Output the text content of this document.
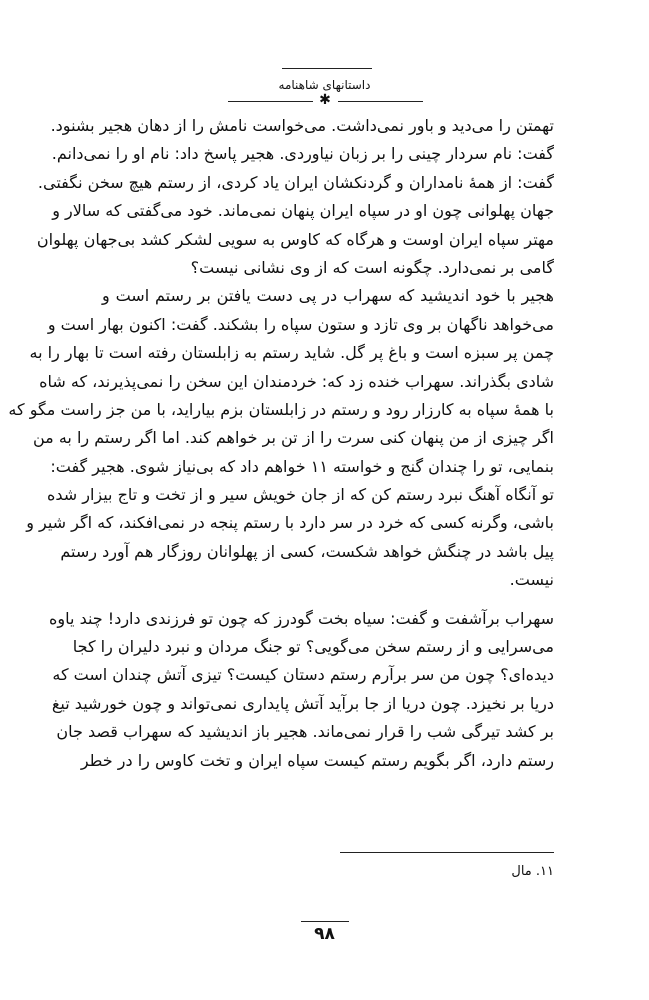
داستانهای شاهنامه
✱
تهمتن را می‌دید و باور نمی‌داشت. می‌خواست نامش را از دهان هجیر بشنود.
گفت: نام سردار چینی را بر زبان نیاوردی. هجیر پاسخ داد: نام او را نمی‌دانم.
گفت: از همهٔ نامداران و گردنکشان ایران یاد کردی، از رستم هیچ سخن نگفتی.
جهان پهلوانی چون او در سپاه ایران پنهان نمی‌ماند. خود می‌گفتی که سالار و
مهتر سپاه ایران اوست و هرگاه که کاوس به سویی لشکر کشد بی‌جهان پهلوان
گامی بر نمی‌دارد. چگونه است که از وی نشانی نیست؟
هجیر با خود اندیشید که سهراب در پی دست یافتن بر رستم است و
می‌خواهد ناگهان بر وی تازد و ستون سپاه را بشکند. گفت: اکنون بهار است و
چمن پر سبزه است و باغ پر گل. شاید رستم به زابلستان رفته است تا بهار را به
شادی بگذراند. سهراب خنده زد که: خردمندان این سخن را نمی‌پذیرند، که شاه
با همهٔ سپاه به کارزار رود و رستم در زابلستان بزم بیاراید، با من جز راست مگو که
اگر چیزی از من پنهان کنی سرت را از تن بر خواهم کند. اما اگر رستم را به من
بنمایی، تو را چندان گنج و خواسته ۱۱ خواهم داد که بی‌نیاز شوی. هجیر گفت:
تو آنگاه آهنگ نبرد رستم کن که از جان خویش سیر و از تخت و تاج بیزار شده
باشی، وگرنه کسی که خرد در سر دارد با رستم پنجه در نمی‌افکند، که اگر شیر و
پیل باشد در چنگش خواهد شکست، کسی از پهلوانان روزگار هم آورد رستم
نیست.
سهراب برآشفت و گفت: سیاه بخت گودرز که چون تو فرزندی دارد! چند یاوه
می‌سرایی و از رستم سخن می‌گویی؟ تو جنگ مردان و نبرد دلیران را کجا
دیده‌ای؟ چون من سر برآرم رستم دستان کیست؟ تیزی آتش چندان است که
دریا بر نخیزد. چون دریا از جا برآید آتش پایداری نمی‌تواند و چون خورشید تیغ
بر کشد تیرگی شب را قرار نمی‌ماند. هجیر باز اندیشید که سهراب قصد جان
رستم دارد، اگر بگویم رستم کیست سپاه ایران و تخت کاوس را در خطر
۱۱. مال
۹۸
